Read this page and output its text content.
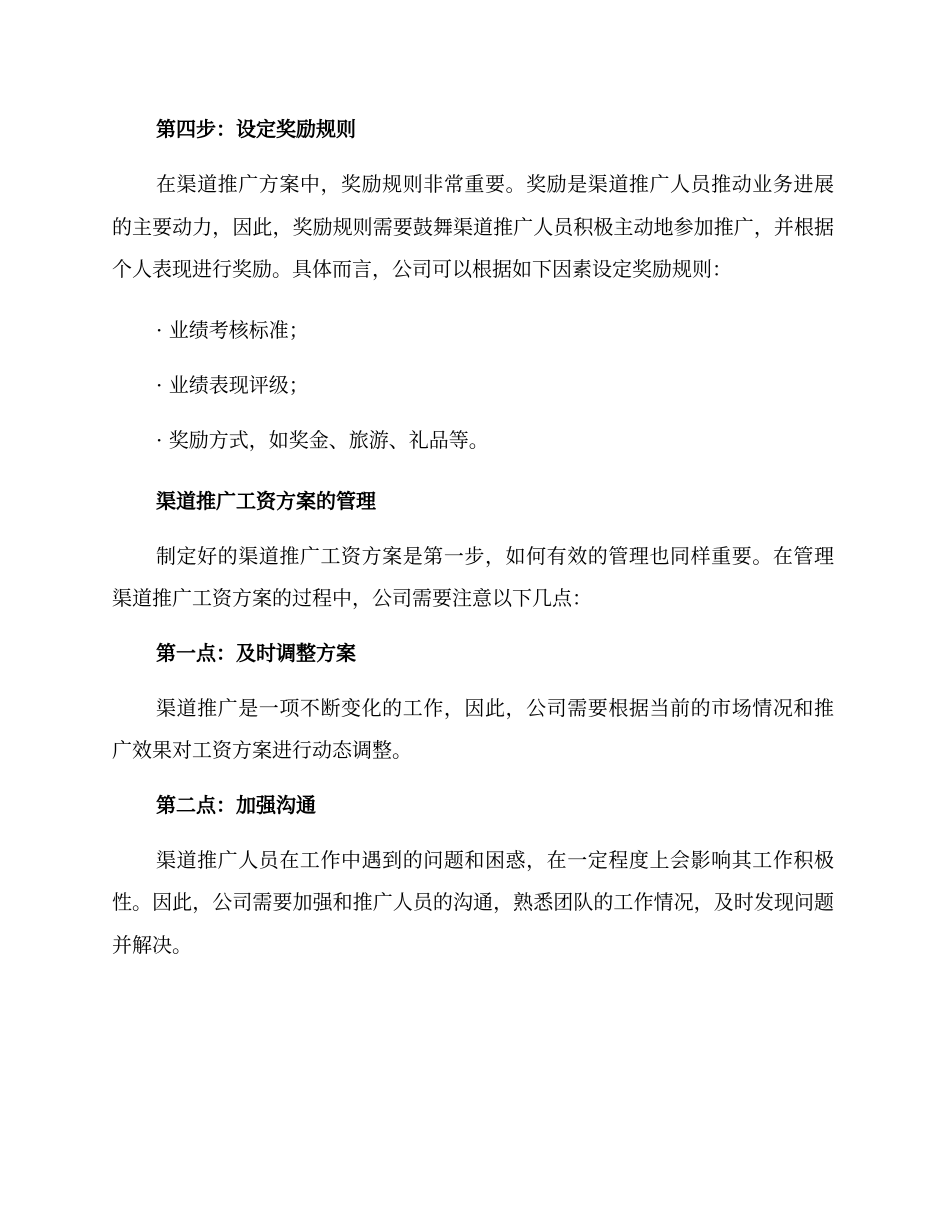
第四步：设定奖励规则

在渠道推广方案中，奖励规则非常重要。奖励是渠道推广人员推动业务进展的主要动力，因此，奖励规则需要鼓舞渠道推广人员积极主动地参加推广，并根据个人表现进行奖励。具体而言，公司可以根据如下因素设定奖励规则：

· 业绩考核标准；

· 业绩表现评级；

· 奖励方式，如奖金、旅游、礼品等。

渠道推广工资方案的管理

制定好的渠道推广工资方案是第一步，如何有效的管理也同样重要。在管理渠道推广工资方案的过程中，公司需要注意以下几点：

第一点：及时调整方案

渠道推广是一项不断变化的工作，因此，公司需要根据当前的市场情况和推广效果对工资方案进行动态调整。

第二点：加强沟通

渠道推广人员在工作中遇到的问题和困惑，在一定程度上会影响其工作积极性。因此，公司需要加强和推广人员的沟通，熟悉团队的工作情况，及时发现问题并解决。
